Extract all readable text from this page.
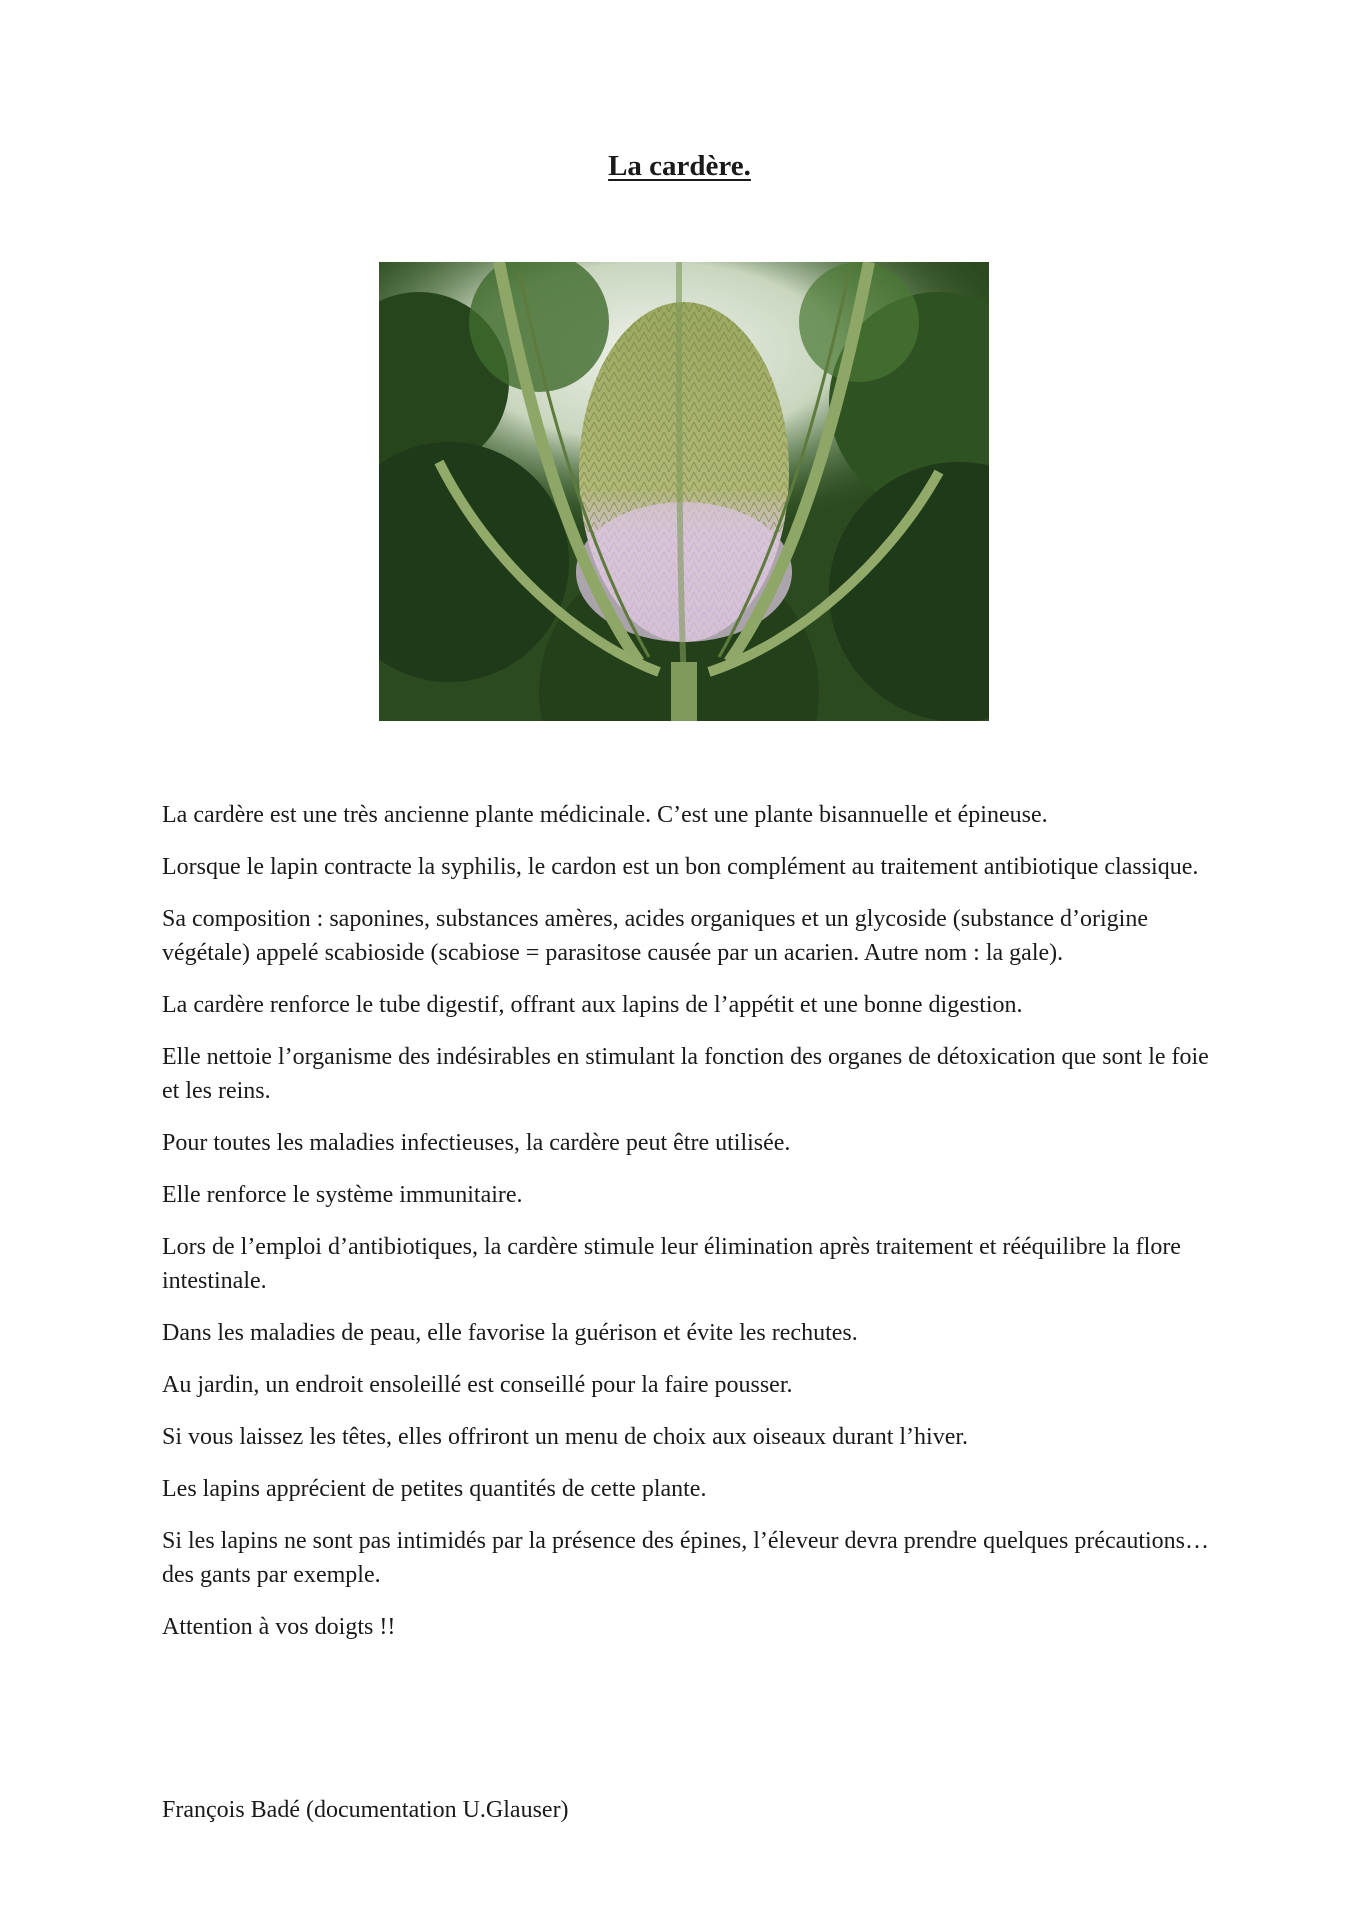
La cardère.

La cardère est une très ancienne plante médicinale. C’est une plante bisannuelle et épineuse.

Lorsque le lapin contracte la syphilis, le cardon est un bon complément au traitement antibiotique classique.

Sa composition : saponines, substances amères, acides organiques et un glycoside (substance d’origine végétale) appelé scabioside (scabiose = parasitose causée par un acarien. Autre nom : la gale).

La cardère renforce le tube digestif, offrant aux lapins de l’appétit et une bonne digestion.

Elle nettoie l’organisme des indésirables en stimulant la fonction des organes de détoxication que sont le foie et les reins.

Pour toutes les maladies infectieuses, la cardère peut être utilisée.

Elle renforce le système immunitaire.

Lors de l’emploi d’antibiotiques, la cardère stimule leur élimination après traitement et rééquilibre la flore intestinale.

Dans les maladies de peau, elle favorise la guérison et évite les rechutes.

Au jardin, un endroit ensoleillé est conseillé pour la faire pousser.

Si vous laissez les têtes, elles offriront un menu de choix aux oiseaux durant l’hiver.

Les lapins apprécient de petites quantités de cette plante.

Si les lapins ne sont pas intimidés par la présence des épines, l’éleveur devra prendre quelques précautions…des gants par exemple.

Attention à vos doigts !!

François Badé (documentation U.Glauser)
